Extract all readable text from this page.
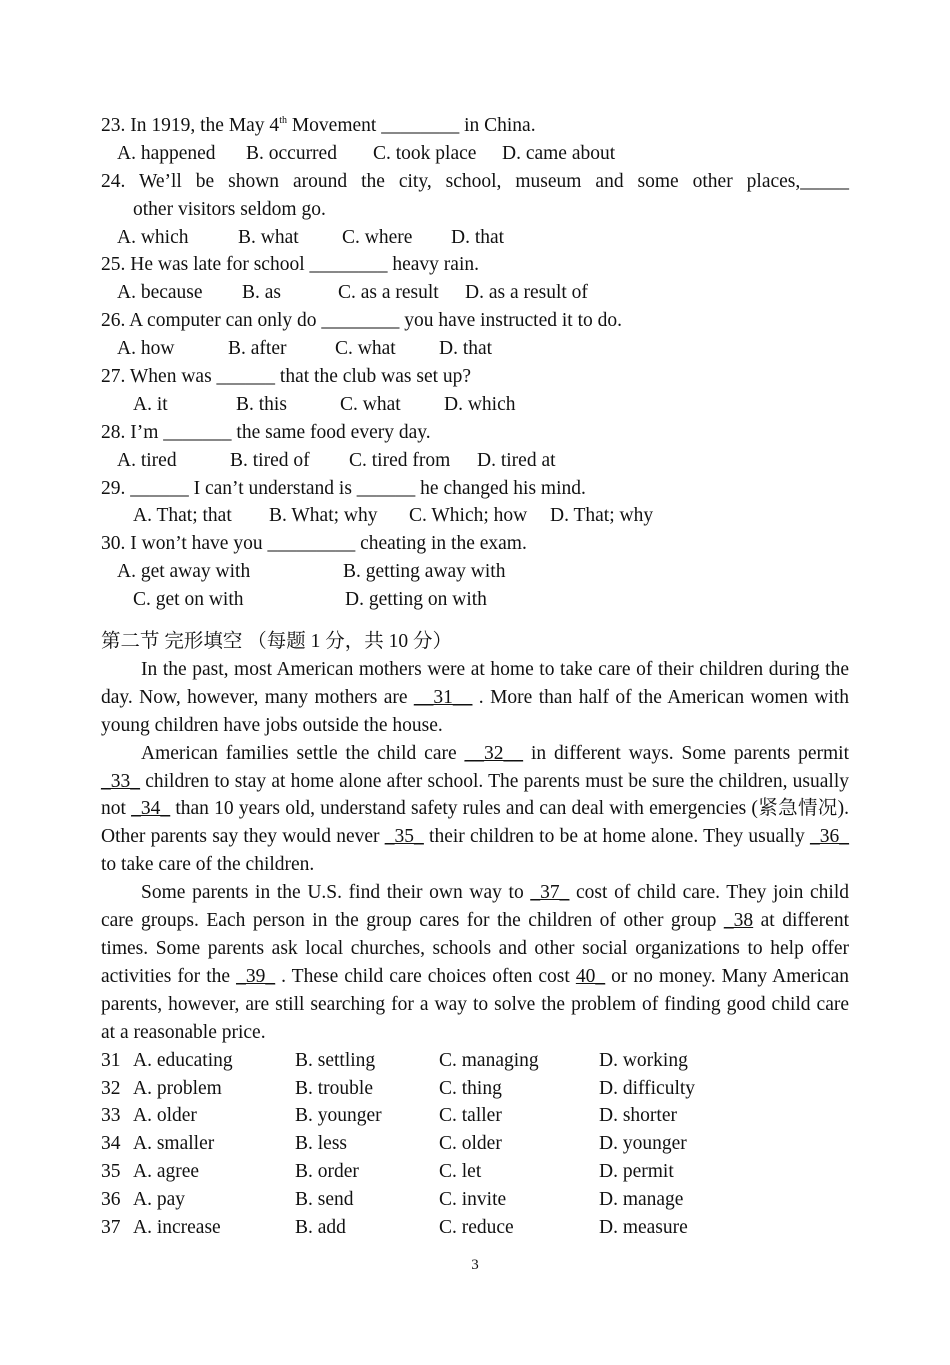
23. In 1919, the May 4th Movement ________ in China.
A. happened B. occurred C. took place D. came about
24. We’ll be shown around the city, school, museum and some other places,_____
other visitors seldom go.
A. which	B. what C. where D. that
25. He was late for school ________ heavy rain.
A. because B. as	C. as a result D. as a result of
26. A computer can only do ________ you have instructed it to do.
A. how	B. after C. what D. that
27. When was ______ that the club was set up?
A. it	B. this	C. what D. which
28. I’m _______ the same food every day.
A. tired	B. tired of C. tired from D. tired at
29. ______ I can’t understand is ______ he changed his mind.
A. That; that B. What; why C. Which; how D. That; why
30. I won’t have you _________ cheating in the exam.
A. get away with	B. getting away with
C. get on with	D. getting on with
第二节 完形填空 （每题 1 分，共 10 分）

In the past, most American mothers were at home to take care of their children during the day. Now, however, many mothers are __31__ . More than half of the American women with young children have jobs outside the house.

American families settle the child care __32__ in different ways. Some parents permit _33_ children to stay at home alone after school. The parents must be sure the children, usually not _34_ than 10 years old, understand safety rules and can deal with emergencies (紧急情况). Other parents say they would never _35_ their children to be at home alone. They usually _36_ to take care of the children.

Some parents in the U.S. find their own way to _37_ cost of child care. They join child care groups. Each person in the group cares for the children of other group _38 at different times. Some parents ask local churches, schools and other social organizations to help offer activities for the _39_ . These child care choices often cost 40_ or no money. Many American parents, however, are still searching for a way to solve the problem of finding good child care at a reasonable price.

31 A. educating	B. settling	C. managing	D. working
32 A. problem	B. trouble	C. thing	D. difficulty
33 A. older	B. younger	C. taller	D. shorter
34 A. smaller	B. less	C. older	D. younger
35 A. agree	B. order	C. let	D. permit
36 A. pay	B. send	C. invite	D. manage
37 A. increase	B. add	C. reduce	D. measure
3
